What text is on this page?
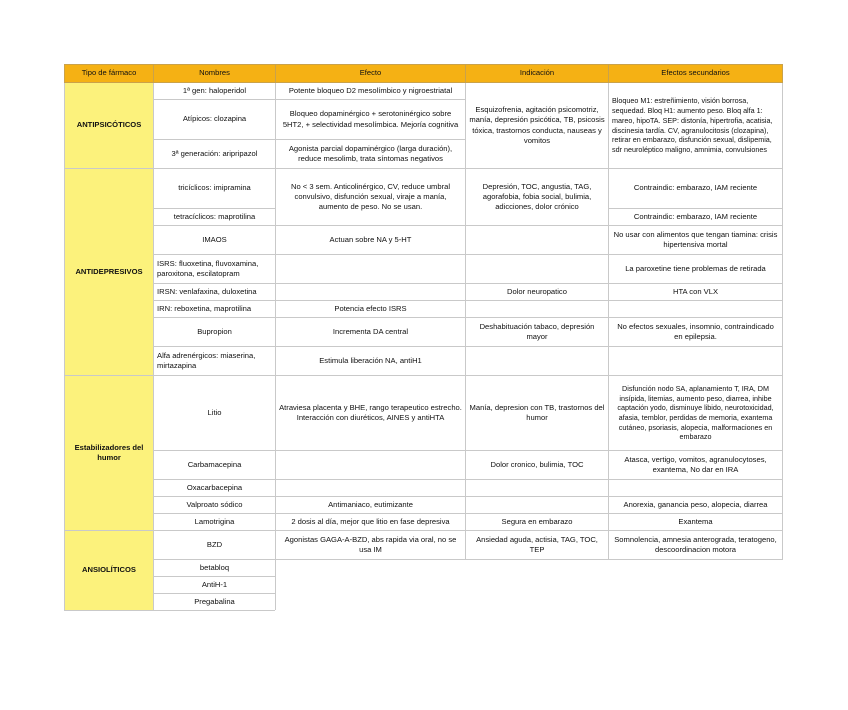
Tipo de fármaco	Nombres	Efecto	Indicación	Efectos secundarios
ANTIPSICÓTICOS	1ª gen: haloperidol	Potente bloqueo D2 mesolímbico y nigroestriatal	Esquizofrenia, agitación psicomotriz, manía, depresión psicótica, TB, psicosis tóxica, trastornos conducta, nauseas y vomitos	Bloqueo M1: estreñimiento, visión borrosa, sequedad. Bloq H1: aumento peso. Bloq alfa 1: mareo, hipoTA. SEP: distonía, hipertrofia, acatisia, discinesia tardía. CV, agranulocitosis (clozapina), retirar en embarazo, disfunción sexual, dislipemia, sdr neuroléptico maligno, amnimia, convulsiones
	Atípicos: clozapina	Bloqueo dopaminérgico + serotoninérgico sobre 5HT2, + selectividad mesolímbica. Mejoría cognitiva		
	3ª generación: aripripazol	Agonista parcial dopaminérgico (larga duración), reduce mesolimb, trata síntomas negativos		
ANTIDEPRESIVOS	tricíclicos: imipramina	No < 3 sem. Anticolinérgico, CV, reduce umbral convulsivo, disfunción sexual, viraje a manía, aumento de peso. No se usan.	Depresión, TOC, angustia, TAG, agorafobia, fobia social, bulimia, adicciones, dolor crónico	Contraindic: embarazo, IAM reciente
	tetracíclicos: maprotilina			Contraindic: embarazo, IAM reciente
	IMAOS	Actuan sobre NA y 5-HT		No usar con alimentos que tengan tiamina: crisis hipertensiva mortal
	ISRS: fluoxetina, fluvoxamina, paroxitona, escilatopram			La paroxetine tiene problemas de retirada
	IRSN: venlafaxina, duloxetina		Dolor neuropatico	HTA con VLX
	IRN: reboxetina, maprotilina	Potencia efecto ISRS		
	Bupropion	Incrementa DA central	Deshabituación tabaco, depresión mayor	No efectos sexuales, insomnio, contraindicado en epilepsia.
	Alfa adrenérgicos: miaserina, mirtazapina	Estimula liberación NA, antiH1		
Estabilizadores del humor	Litio	Atraviesa placenta y BHE, rango terapeutico estrecho. Interacción con diuréticos, AINES y antiHTA	Manía, depresion con TB, trastornos del humor	Disfunción nodo SA, aplanamiento T, IRA, DM insípida, litemias, aumento peso, diarrea, inhibe captación yodo, disminuye libido, neurotoxicidad, afasia, temblor, perdidas de memoria, exantema cutáneo, psoriasis, alopecia, malformaciones en embarazo
	Carbamacepina		Dolor cronico, bulimia, TOC	Atasca, vertigo, vomitos, agranulocytoses, exantema, No dar en IRA
	Oxacarbacepina			
	Valproato sódico	Antimaniaco, eutimizante		Anorexia, ganancia peso, alopecia, diarrea
	Lamotrigina	2 dosis al día, mejor que litio en fase depresiva	Segura en embarazo	Exantema
ANSIOLÍTICOS	BZD	Agonistas GAGA-A-BZD, abs rapida via oral, no se usa IM	Ansiedad aguda, actisia, TAG, TOC, TEP	Somnolencia, amnesia anterograda, teratogeno, descoordinacion motora
	betabloq			
	AntiH-1			
	Pregabalina			
